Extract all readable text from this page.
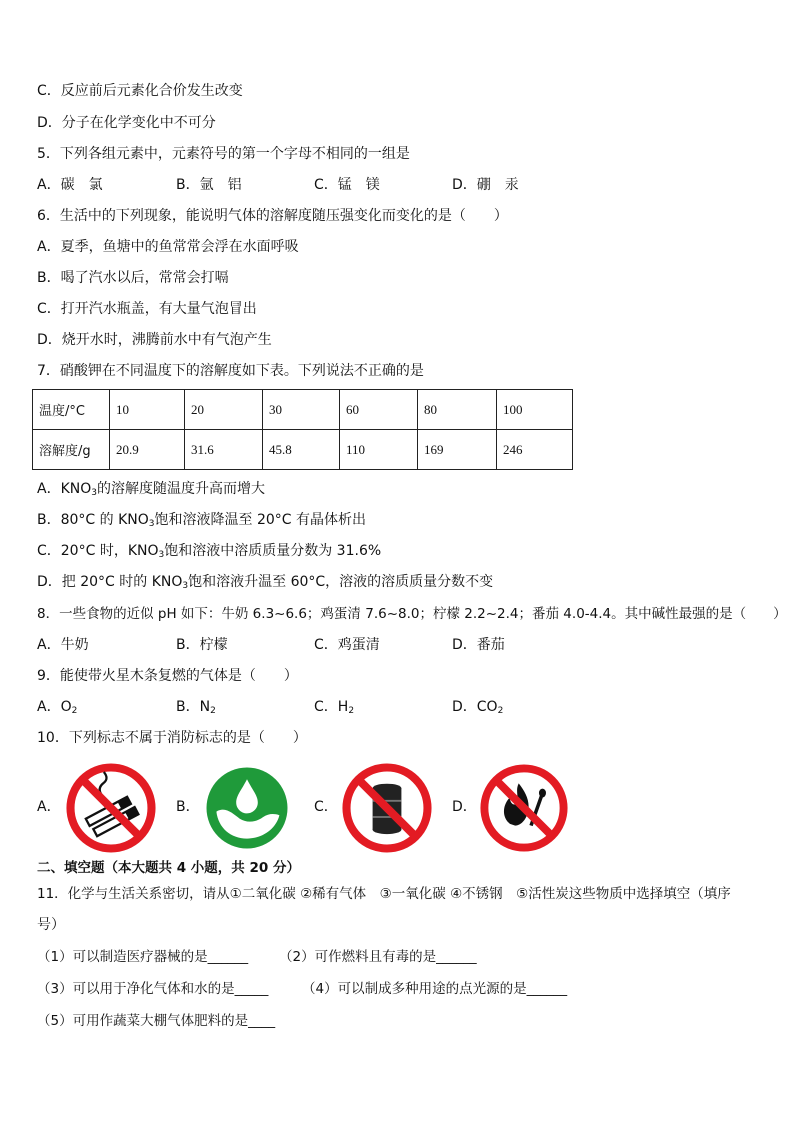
C．反应前后元素化合价发生改变
D．分子在化学变化中不可分
5．下列各组元素中，元素符号的第一个字母不相同的一组是
A．碳　氯	B．氩　铝	C．锰　镁	D．硼　汞
6．生活中的下列现象，能说明气体的溶解度随压强变化而变化的是（　　）
A．夏季，鱼塘中的鱼常常会浮在水面呼吸
B．喝了汽水以后，常常会打嗝
C．打开汽水瓶盖，有大量气泡冒出
D．烧开水时，沸腾前水中有气泡产生
7．硝酸钾在不同温度下的溶解度如下表。下列说法不正确的是
温度/°C	10	20	30	60	80	100
溶解度/g	20.9	31.6	45.8	110	169	246
A．$KNO_3$的溶解度随温度升高而增大
B．80°C 的 $KNO_3$饱和溶液降温至 20°C 有晶体析出
C．20°C 时，$KNO_3$饱和溶液中溶质质量分数为 31.6%
D．把 20°C 时的 $KNO_3$饱和溶液升温至 60°C，溶液的溶质质量分数不变
8．一些食物的近似 pH 如下：牛奶 6.3~6.6；鸡蛋清 7.6~8.0；柠檬 2.2~2.4；番茄 4.0-4.4。其中碱性最强的是（　　）
A．牛奶	B．柠檬	C．鸡蛋清	D．番茄
9．能使带火星木条复燃的气体是（　　）
A．$O_2$	B．$N_2$	C．$H_2$	D．$CO_2$
10．下列标志不属于消防标志的是（　　）
A．	B．	C．	D．
二、填空题（本大题共 4 小题，共 20 分）
11．化学与生活关系密切，请从①二氧化碳 ②稀有气体　③一氧化碳 ④不锈钢　⑤活性炭这些物质中选择填空（填序
号）
（1）可以制造医疗器械的是______ （2）可作燃料且有毒的是______
（3）可以用于净化气体和水的是_____ （4）可以制成多种用途的点光源的是______
（5）可用作蔬菜大棚气体肥料的是____
